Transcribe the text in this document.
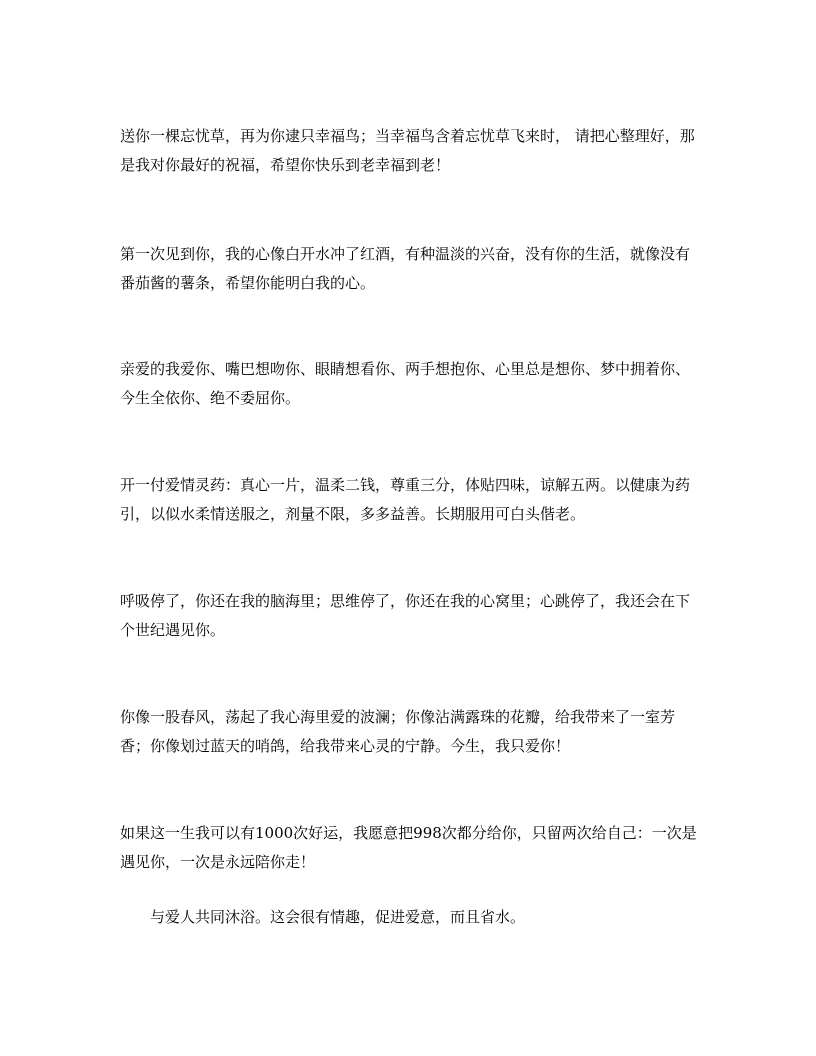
送你一棵忘忧草，再为你逮只幸福鸟；当幸福鸟含着忘忧草飞来时， 请把心整理好，那是我对你最好的祝福，希望你快乐到老幸福到老！

第一次见到你，我的心像白开水冲了红酒，有种温淡的兴奋，没有你的生活，就像没有番茄酱的薯条，希望你能明白我的心。

亲爱的我爱你、嘴巴想吻你、眼睛想看你、两手想抱你、心里总是想你、梦中拥着你、今生全依你、绝不委屈你。

开一付爱情灵药：真心一片，温柔二钱，尊重三分，体贴四味，谅解五两。以健康为药引，以似水柔情送服之，剂量不限，多多益善。长期服用可白头偕老。

呼吸停了，你还在我的脑海里；思维停了，你还在我的心窝里；心跳停了，我还会在下个世纪遇见你。

你像一股春风，荡起了我心海里爱的波澜；你像沾满露珠的花瓣，给我带来了一室芳香；你像划过蓝天的哨鸽，给我带来心灵的宁静。今生，我只爱你！

如果这一生我可以有1000次好运，我愿意把998次都分给你，只留两次给自己：一次是遇见你，一次是永远陪你走！

与爱人共同沐浴。这会很有情趣，促进爱意，而且省水。
